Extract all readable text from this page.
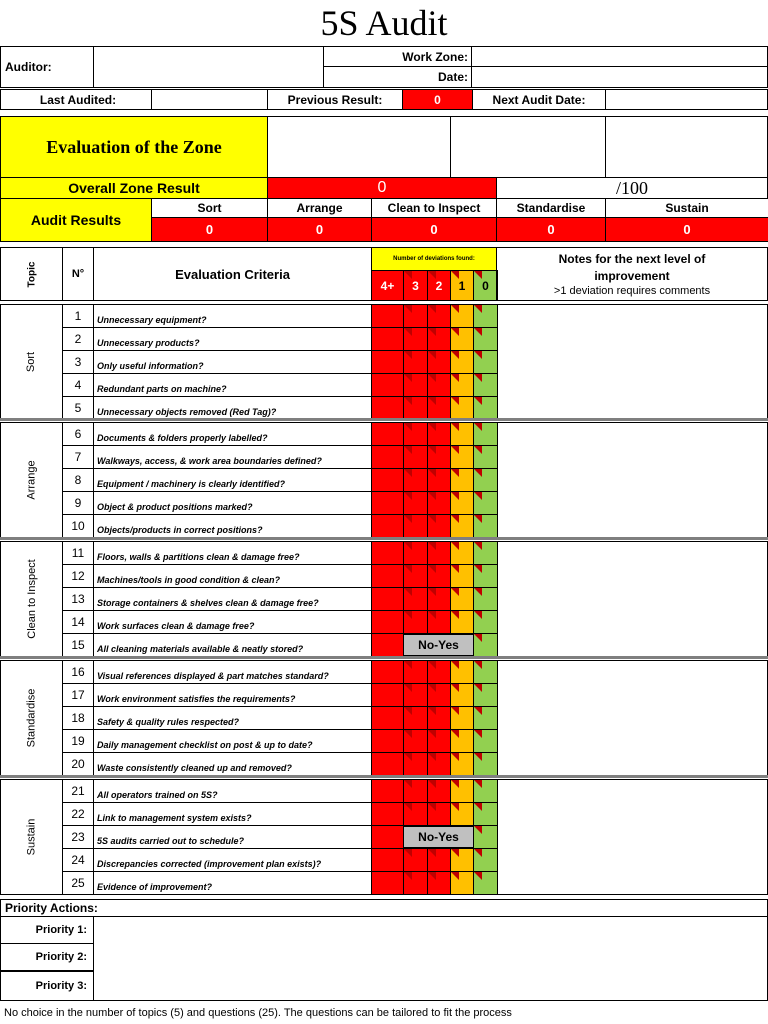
5S Audit
Auditor:
Work Zone:
Date:
Last Audited:	Previous Result:	0	Next Audit Date:
Evaluation of the Zone
Overall Zone Result	0	/100
Audit Results
Sort
0
Arrange
0
Clean to Inspect
0
Standardise
0
Sustain
0
Topic	N°	Evaluation Criteria
Number of deviations found:
4+	3	2	1	0
Notes for the next level of improvement
>1 deviation requires comments
Sort
1	Unnecessary equipment?
2	Unnecessary products?
3	Only useful information?
4	Redundant parts on machine?
5	Unnecessary objects removed (Red Tag)?
Arrange
6	Documents & folders properly labelled?
7	Walkways, access, & work area boundaries defined?
8	Equipment / machinery is clearly identified?
9	Object & product positions marked?
10	Objects/products in correct positions?
Clean to Inspect
11	Floors, walls & partitions clean & damage free?
12	Machines/tools in good condition & clean?
13	Storage containers & shelves clean & damage free?
14	Work surfaces clean & damage free?
15	All cleaning materials available & neatly stored?	No-Yes
Standardise
16	Visual references displayed & part matches standard?
17	Work environment satisfies the requirements?
18	Safety & quality rules respected?
19	Daily management checklist on post & up to date?
20	Waste consistently cleaned up and removed?
Sustain
21	All operators trained on 5S?
22	Link to management system exists?
23	5S audits carried out to schedule?	No-Yes
24	Discrepancies corrected (improvement plan exists)?
25	Evidence of improvement?
Priority Actions:
Priority 1:
Priority 2:
Priority 3:
No choice in the number of topics (5) and questions (25). The questions can be tailored to fit the process
